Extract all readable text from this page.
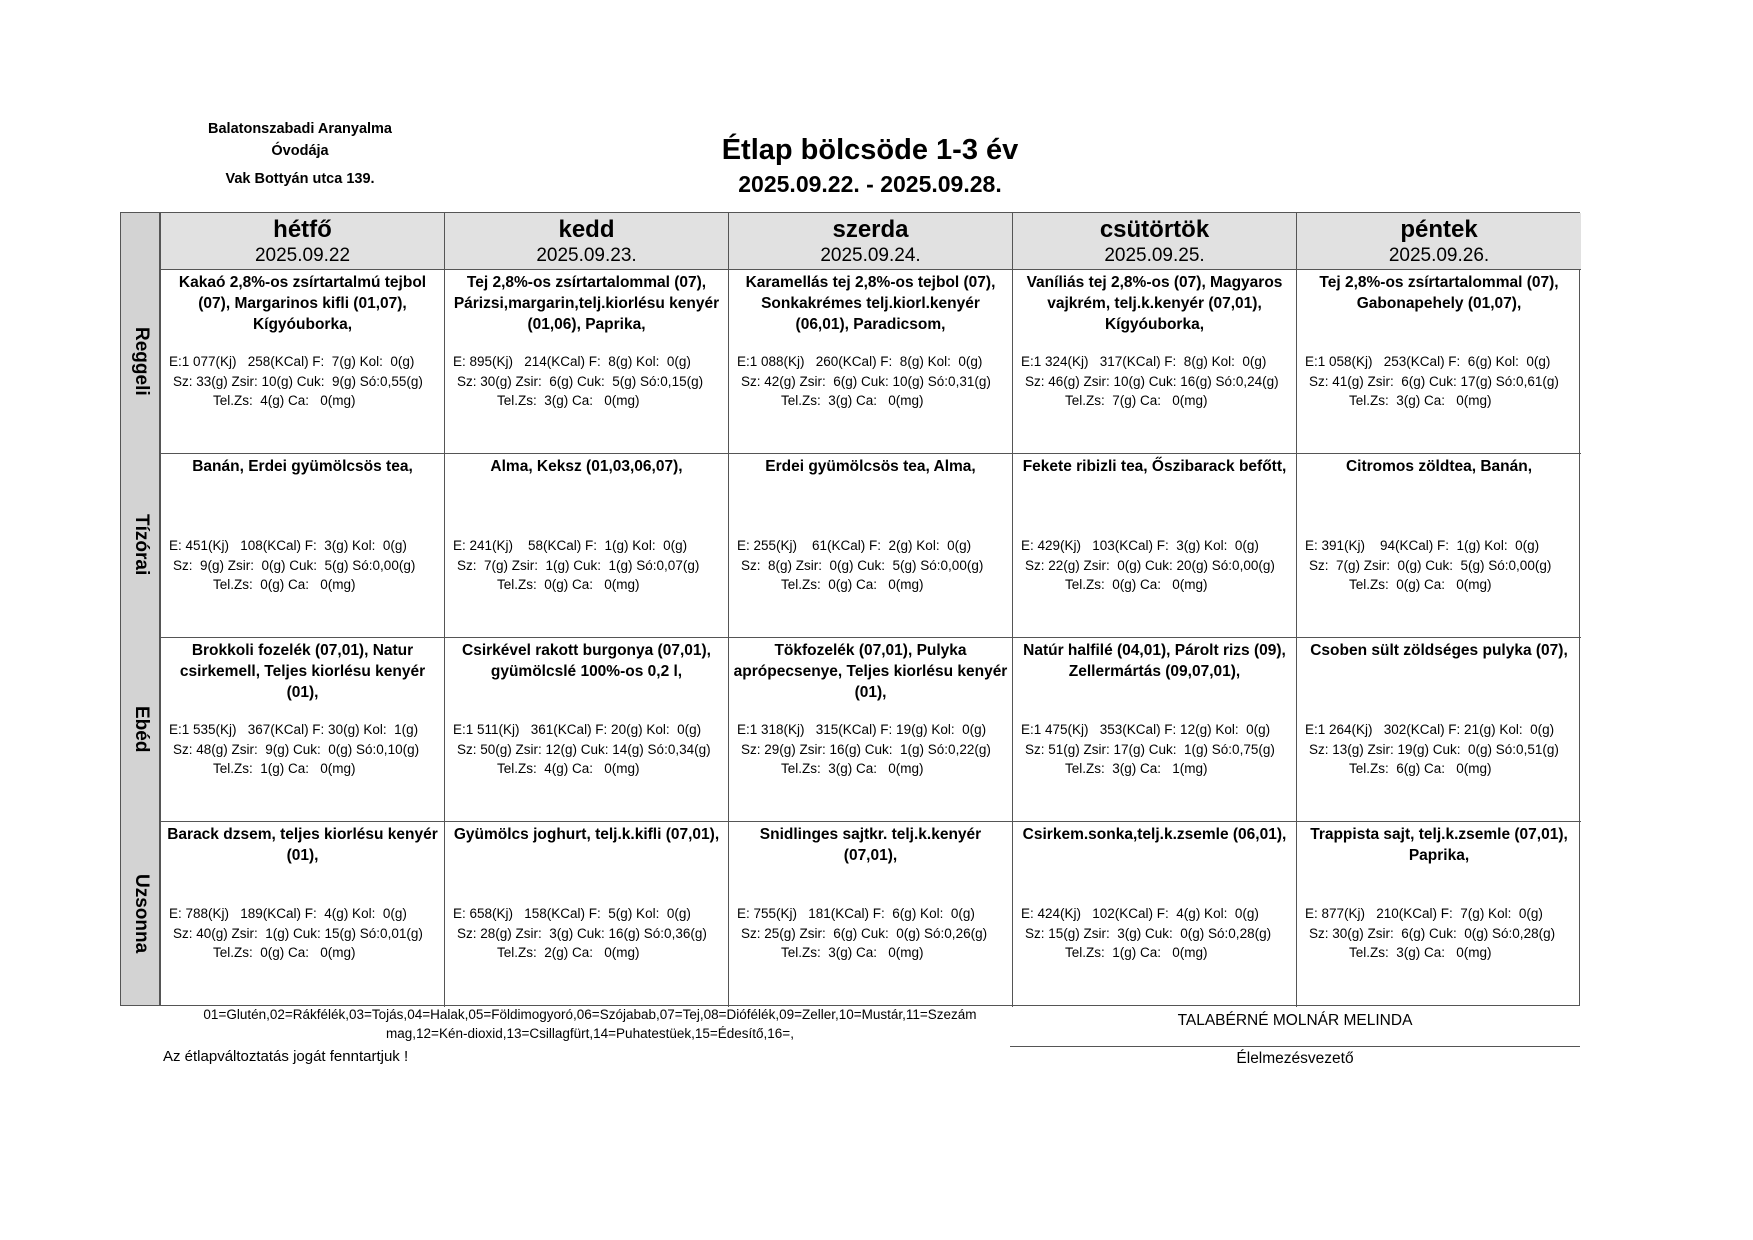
Balatonszabadi Aranyalma
Óvodája
Vak Bottyán utca 139.
Étlap bölcsöde 1-3 év
2025.09.22. - 2025.09.28.
Reggeli
Tízórai
Ebéd
Uzsonna
hétfő
2025.09.22
Kakaó 2,8%-os zsírtartalmú tejbol (07), Margarinos kifli (01,07), Kígyóuborka,
E:1 077(Kj)   258(KCal) F:  7(g) Kol:  0(g)
Sz: 33(g) Zsir: 10(g) Cuk:  9(g) Só:0,55(g)
Tel.Zs:  4(g) Ca:   0(mg)
Banán, Erdei gyümölcsös tea,
E: 451(Kj)   108(KCal) F:  3(g) Kol:  0(g)
Sz:  9(g) Zsir:  0(g) Cuk:  5(g) Só:0,00(g)
Tel.Zs:  0(g) Ca:   0(mg)
Brokkoli fozelék (07,01), Natur csirkemell, Teljes kiorlésu kenyér (01),
E:1 535(Kj)   367(KCal) F: 30(g) Kol:  1(g)
Sz: 48(g) Zsir:  9(g) Cuk:  0(g) Só:0,10(g)
Tel.Zs:  1(g) Ca:   0(mg)
Barack dzsem, teljes kiorlésu kenyér (01),
E: 788(Kj)   189(KCal) F:  4(g) Kol:  0(g)
Sz: 40(g) Zsir:  1(g) Cuk: 15(g) Só:0,01(g)
Tel.Zs:  0(g) Ca:   0(mg)
kedd
2025.09.23.
Tej 2,8%-os zsírtartalommal (07), Párizsi,margarin,telj.kiorlésu kenyér (01,06), Paprika,
E: 895(Kj)   214(KCal) F:  8(g) Kol:  0(g)
Sz: 30(g) Zsir:  6(g) Cuk:  5(g) Só:0,15(g)
Tel.Zs:  3(g) Ca:   0(mg)
Alma, Keksz (01,03,06,07),
E: 241(Kj)    58(KCal) F:  1(g) Kol:  0(g)
Sz:  7(g) Zsir:  1(g) Cuk:  1(g) Só:0,07(g)
Tel.Zs:  0(g) Ca:   0(mg)
Csirkével rakott burgonya (07,01), gyümölcslé 100%-os 0,2 l,
E:1 511(Kj)   361(KCal) F: 20(g) Kol:  0(g)
Sz: 50(g) Zsir: 12(g) Cuk: 14(g) Só:0,34(g)
Tel.Zs:  4(g) Ca:   0(mg)
Gyümölcs joghurt, telj.k.kifli (07,01),
E: 658(Kj)   158(KCal) F:  5(g) Kol:  0(g)
Sz: 28(g) Zsir:  3(g) Cuk: 16(g) Só:0,36(g)
Tel.Zs:  2(g) Ca:   0(mg)
szerda
2025.09.24.
Karamellás tej 2,8%-os tejbol (07), Sonkakrémes telj.kiorl.kenyér (06,01), Paradicsom,
E:1 088(Kj)   260(KCal) F:  8(g) Kol:  0(g)
Sz: 42(g) Zsir:  6(g) Cuk: 10(g) Só:0,31(g)
Tel.Zs:  3(g) Ca:   0(mg)
Erdei gyümölcsös tea, Alma,
E: 255(Kj)    61(KCal) F:  2(g) Kol:  0(g)
Sz:  8(g) Zsir:  0(g) Cuk:  5(g) Só:0,00(g)
Tel.Zs:  0(g) Ca:   0(mg)
Tökfozelék (07,01), Pulyka aprópecsenye, Teljes kiorlésu kenyér (01),
E:1 318(Kj)   315(KCal) F: 19(g) Kol:  0(g)
Sz: 29(g) Zsir: 16(g) Cuk:  1(g) Só:0,22(g)
Tel.Zs:  3(g) Ca:   0(mg)
Snidlinges sajtkr. telj.k.kenyér (07,01),
E: 755(Kj)   181(KCal) F:  6(g) Kol:  0(g)
Sz: 25(g) Zsir:  6(g) Cuk:  0(g) Só:0,26(g)
Tel.Zs:  3(g) Ca:   0(mg)
csütörtök
2025.09.25.
Vaníliás tej 2,8%-os (07), Magyaros vajkrém, telj.k.kenyér (07,01), Kígyóuborka,
E:1 324(Kj)   317(KCal) F:  8(g) Kol:  0(g)
Sz: 46(g) Zsir: 10(g) Cuk: 16(g) Só:0,24(g)
Tel.Zs:  7(g) Ca:   0(mg)
Fekete ribizli tea, Őszibarack befőtt,
E: 429(Kj)   103(KCal) F:  3(g) Kol:  0(g)
Sz: 22(g) Zsir:  0(g) Cuk: 20(g) Só:0,00(g)
Tel.Zs:  0(g) Ca:   0(mg)
Natúr halfilé (04,01), Párolt rizs (09), Zellermártás (09,07,01),
E:1 475(Kj)   353(KCal) F: 12(g) Kol:  0(g)
Sz: 51(g) Zsir: 17(g) Cuk:  1(g) Só:0,75(g)
Tel.Zs:  3(g) Ca:   1(mg)
Csirkem.sonka,telj.k.zsemle (06,01),
E: 424(Kj)   102(KCal) F:  4(g) Kol:  0(g)
Sz: 15(g) Zsir:  3(g) Cuk:  0(g) Só:0,28(g)
Tel.Zs:  1(g) Ca:   0(mg)
péntek
2025.09.26.
Tej 2,8%-os zsírtartalommal (07), Gabonapehely (01,07),
E:1 058(Kj)   253(KCal) F:  6(g) Kol:  0(g)
Sz: 41(g) Zsir:  6(g) Cuk: 17(g) Só:0,61(g)
Tel.Zs:  3(g) Ca:   0(mg)
Citromos zöldtea, Banán,
E: 391(Kj)    94(KCal) F:  1(g) Kol:  0(g)
Sz:  7(g) Zsir:  0(g) Cuk:  5(g) Só:0,00(g)
Tel.Zs:  0(g) Ca:   0(mg)
Csoben sült zöldséges pulyka (07),
E:1 264(Kj)   302(KCal) F: 21(g) Kol:  0(g)
Sz: 13(g) Zsir: 19(g) Cuk:  0(g) Só:0,51(g)
Tel.Zs:  6(g) Ca:   0(mg)
Trappista sajt, telj.k.zsemle (07,01), Paprika,
E: 877(Kj)   210(KCal) F:  7(g) Kol:  0(g)
Sz: 30(g) Zsir:  6(g) Cuk:  0(g) Só:0,28(g)
Tel.Zs:  3(g) Ca:   0(mg)
01=Glutén,02=Rákfélék,03=Tojás,04=Halak,05=Földimogyoró,06=Szójabab,07=Tej,08=Diófélék,09=Zeller,10=Mustár,11=Szezám
mag,12=Kén-dioxid,13=Csillagfürt,14=Puhatestüek,15=Édesítő,16=,
Az étlapváltoztatás jogát fenntartjuk !
TALABÉRNÉ MOLNÁR MELINDA
Élelmezésvezető
